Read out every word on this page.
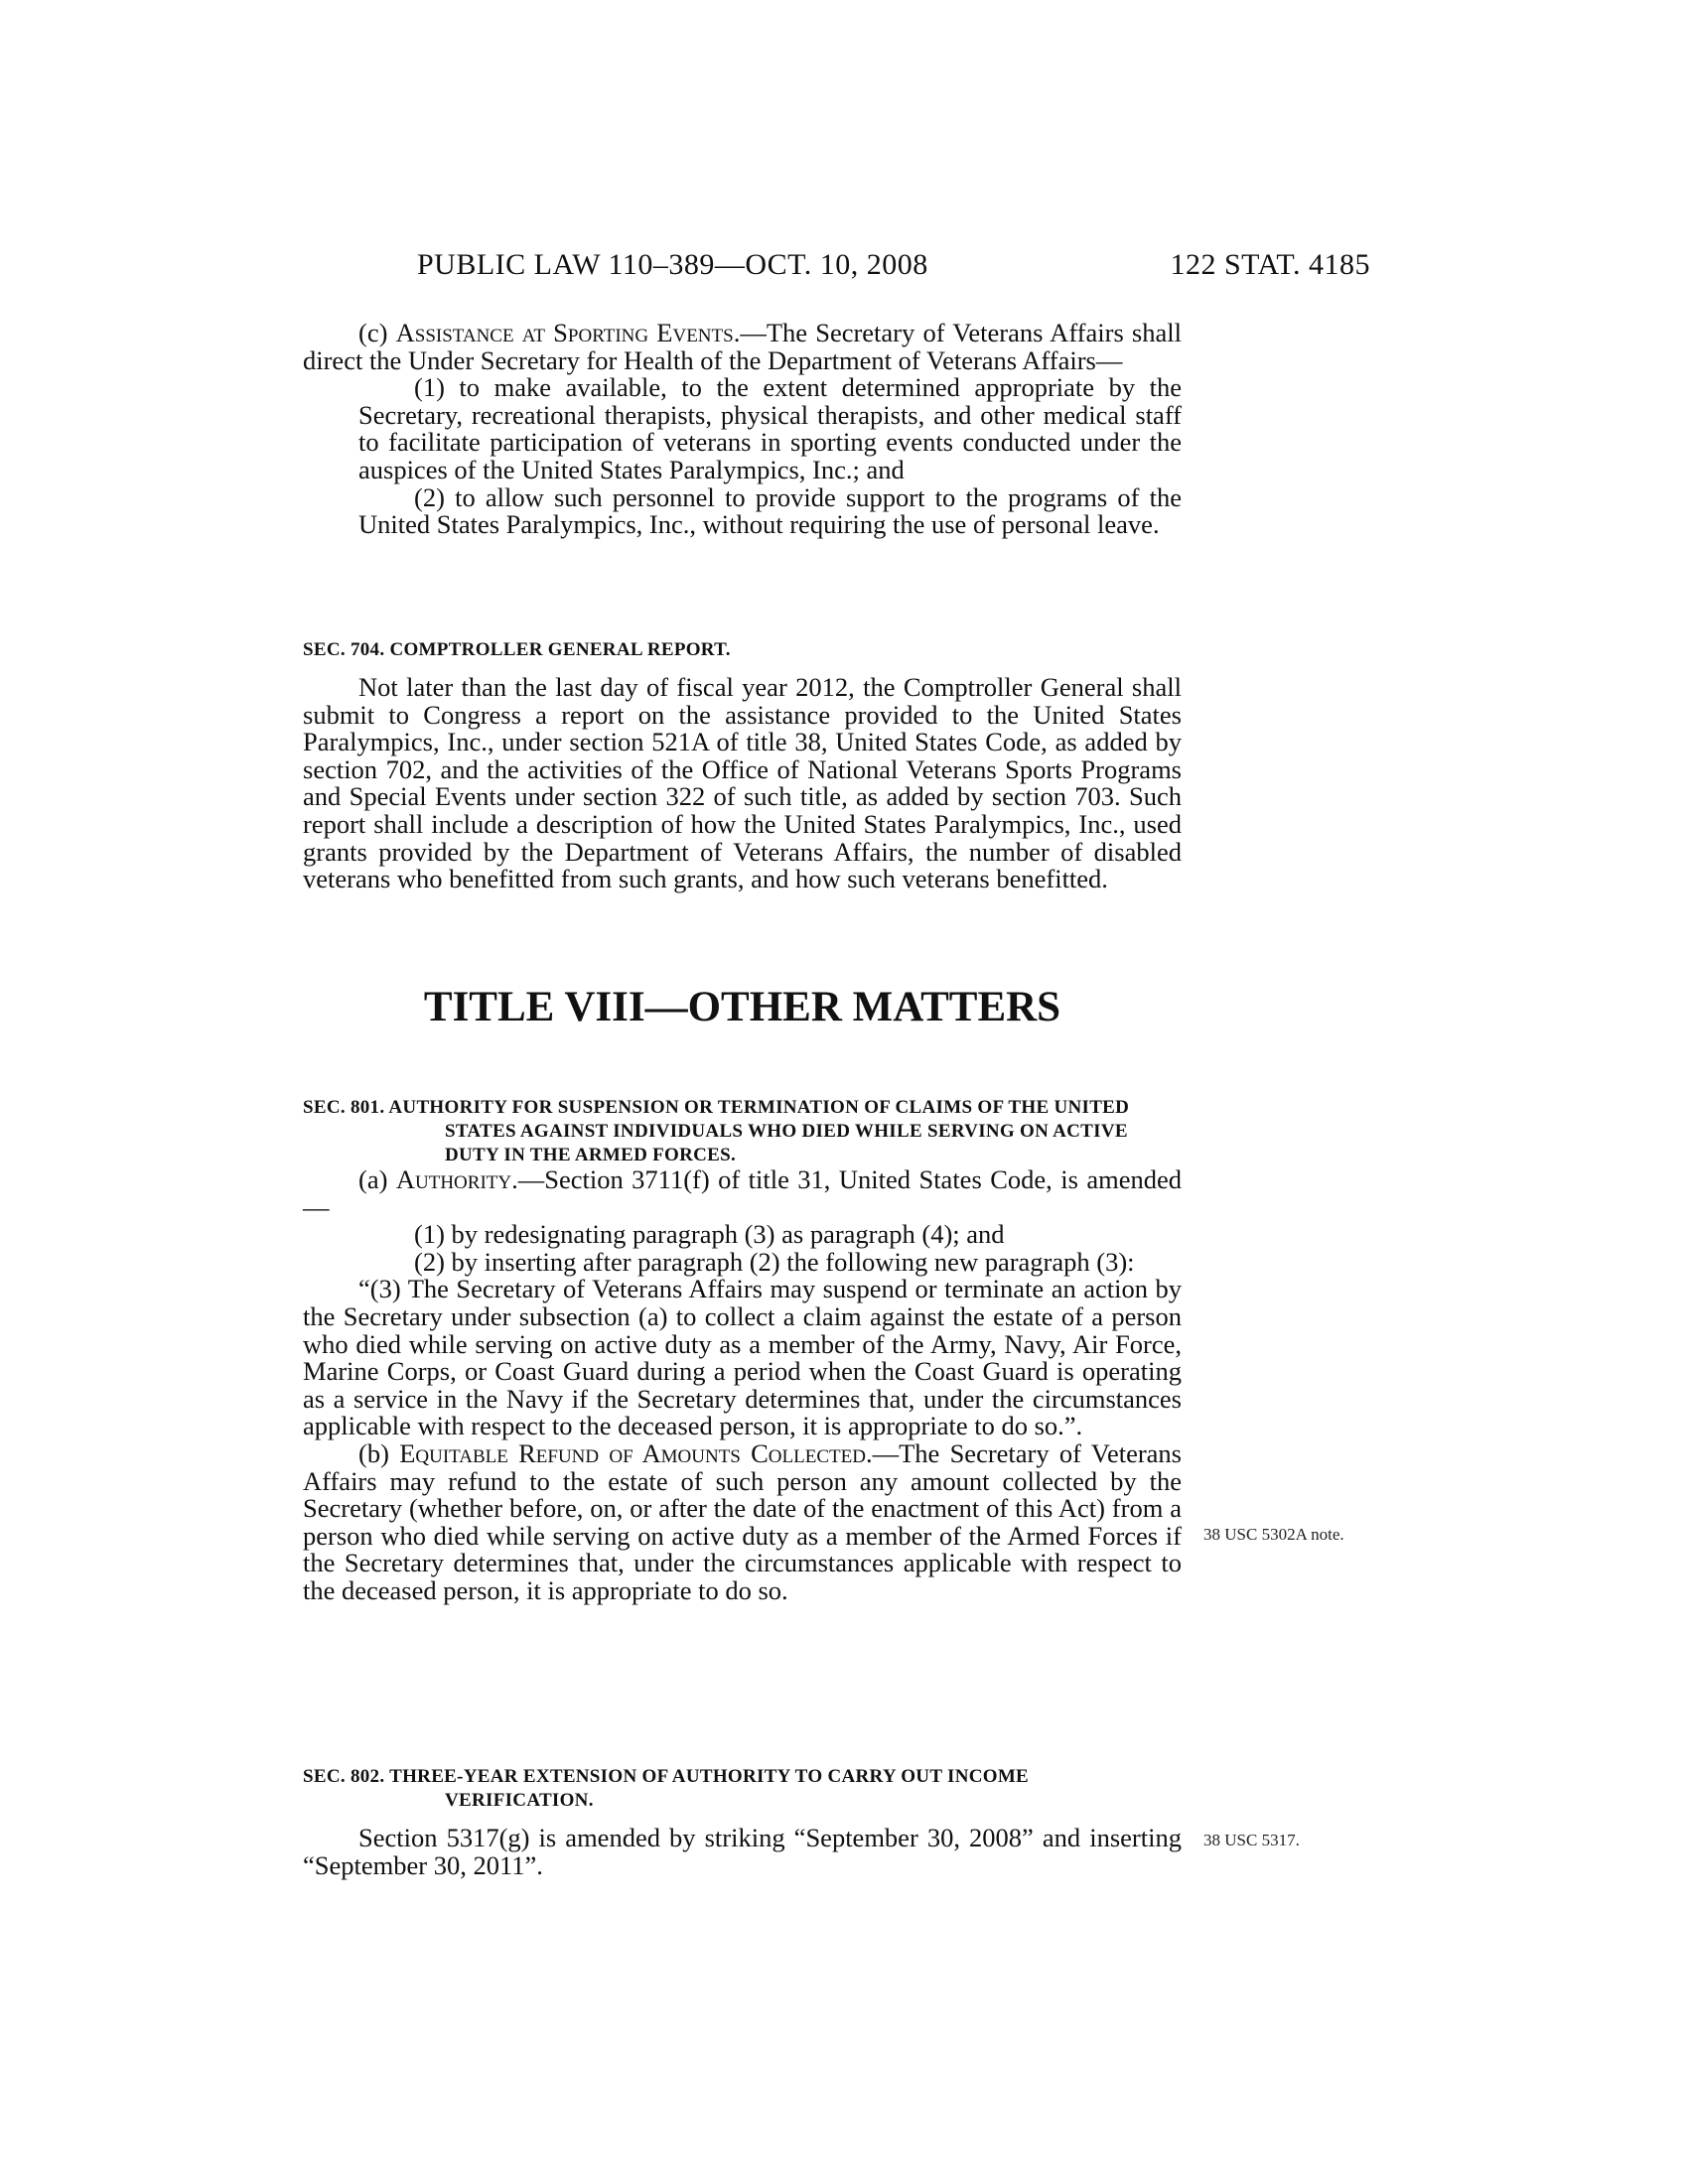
PUBLIC LAW 110–389—OCT. 10, 2008	122 STAT. 4185

(c) Assistance at Sporting Events.—The Secretary of Veterans Affairs shall direct the Under Secretary for Health of the Department of Veterans Affairs—

(1) to make available, to the extent determined appropriate by the Secretary, recreational therapists, physical therapists, and other medical staff to facilitate participation of veterans in sporting events conducted under the auspices of the United States Paralympics, Inc.; and

(2) to allow such personnel to provide support to the programs of the United States Paralympics, Inc., without requiring the use of personal leave.

SEC. 704. COMPTROLLER GENERAL REPORT.

Not later than the last day of fiscal year 2012, the Comptroller General shall submit to Congress a report on the assistance provided to the United States Paralympics, Inc., under section 521A of title 38, United States Code, as added by section 702, and the activities of the Office of National Veterans Sports Programs and Special Events under section 322 of such title, as added by section 703. Such report shall include a description of how the United States Paralympics, Inc., used grants provided by the Department of Veterans Affairs, the number of disabled veterans who benefitted from such grants, and how such veterans benefitted.

TITLE VIII—OTHER MATTERS

SEC. 801. AUTHORITY FOR SUSPENSION OR TERMINATION OF CLAIMS OF THE UNITED STATES AGAINST INDIVIDUALS WHO DIED WHILE SERVING ON ACTIVE DUTY IN THE ARMED FORCES.

(a) Authority.—Section 3711(f) of title 31, United States Code, is amended—

(1) by redesignating paragraph (3) as paragraph (4); and

(2) by inserting after paragraph (2) the following new paragraph (3):

“(3) The Secretary of Veterans Affairs may suspend or terminate an action by the Secretary under subsection (a) to collect a claim against the estate of a person who died while serving on active duty as a member of the Army, Navy, Air Force, Marine Corps, or Coast Guard during a period when the Coast Guard is operating as a service in the Navy if the Secretary determines that, under the circumstances applicable with respect to the deceased person, it is appropriate to do so.”.

(b) Equitable Refund of Amounts Collected.—The Secretary of Veterans Affairs may refund to the estate of such person any amount collected by the Secretary (whether before, on, or after the date of the enactment of this Act) from a person who died while serving on active duty as a member of the Armed Forces if the Secretary determines that, under the circumstances applicable with respect to the deceased person, it is appropriate to do so.

38 USC 5302A note.

SEC. 802. THREE-YEAR EXTENSION OF AUTHORITY TO CARRY OUT INCOME VERIFICATION.

Section 5317(g) is amended by striking “September 30, 2008” and inserting “September 30, 2011”.

38 USC 5317.
